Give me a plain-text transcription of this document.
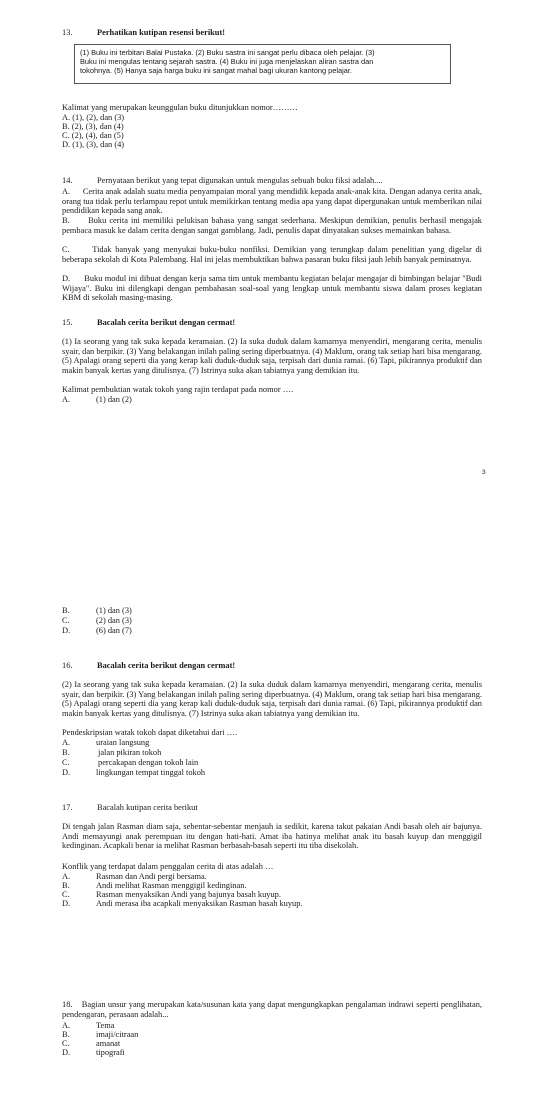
13.	Perhatikan kutipan resensi berikut!
(1) Buku ini terbitan Balai Pustaka. (2) Buku sastra ini sangat perlu dibaca oleh pelajar. (3)
Buku ini mengulas tentang sejarah sastra. (4) Buku ini juga menjelaskan aliran sastra dan
tokohnya. (5) Hanya saja harga buku ini sangat mahal bagi ukuran kantong pelajar.
Kalimat yang merupakan keunggulan buku ditunjukkan nomor………
A. (1), (2), dan (3)
B. (2), (3), dan (4)
C. (2), (4), dan (5)
D. (1), (3), dan (4)
14.	Pernyataan berikut yang tepat digunakan untuk mengulas sebuah buku fiksi adalah....
A. Cerita anak adalah suatu media penyampaian moral yang mendidik kepada anak-anak kita. Dengan adanya cerita anak, orang tua tidak perlu terlampau repot untuk memikirkan tentang media apa yang dapat dipergunakan untuk memberikan nilai pendidikan kepada sang anak.
B. Buku cerita ini memiliki pelukisan bahasa yang sangat sederhana. Meskipun demikian, penulis berhasil mengajak pembaca masuk ke dalam cerita dengan sangat gamblang. Jadi, penulis dapat dinyatakan sukses memainkan bahasa.
C.	Tidak banyak yang menyukai buku-buku nonfiksi. Demikian yang terungkap dalam penelitian yang digelar di beberapa sekolah di Kota Palembang. Hal ini jelas membuktikan bahwa pasaran buku fiksi jauh lebih banyak peminatnya.
D. Buku modul ini dibuat dengan kerja sama tim untuk membantu kegiatan belajar mengajar di bimbingan belajar "Budi Wijaya". Buku ini dilengkapi dengan pembahasan soal-soal yang lengkap untuk membantu siswa dalam proses kegiatan KBM di sekolah masing-masing.
15.	Bacalah cerita berikut dengan cermat!
(1) Ia seorang yang tak suka kepada keramaian. (2) Ia suka duduk dalam kamarnya menyendiri, mengarang cerita, menulis syair, dan berpikir. (3) Yang belakangan inilah paling sering diperbuatnya. (4) Maklum, orang tak setiap hari bisa mengarang. (5) Apalagi orang seperti dia yang kerap kali duduk-duduk saja, terpisah dari dunia ramai. (6) Tapi, pikirannya produktif dan makin banyak kertas yang ditulisnya. (7) Istrinya suka akan tabiatnya yang demikian itu.
Kalimat pembuktian watak tokoh yang rajin terdapat pada nomor ….
A.	(1) dan (2)
3
B.	(1) dan (3)
C.	(2) dan (3)
D.	(6) dan (7)
16.	Bacalah cerita berikut dengan cermat!
(2) Ia seorang yang tak suka kepada keramaian. (2) Ia suka duduk dalam kamarnya menyendiri, mengarang cerita, menulis syair, dan berpikir. (3) Yang belakangan inilah paling sering diperbuatnya. (4) Maklum, orang tak setiap hari bisa mengarang. (5) Apalagi orang seperti dia yang kerap kali duduk-duduk saja, terpisah dari dunia ramai. (6) Tapi, pikirannya produktif dan makin banyak kertas yang ditulisnya. (7) Istrinya suka akan tabiatnya yang demikian itu.
Pendeskripsian watak tokoh dapat diketahui dari ….
A.	uraian langsung
B.	jalan pikiran tokoh
C.	percakapan dengan tokoh lain
D.	lingkungan tempat tinggal tokoh
17.	Bacalah kutipan cerita berikut
Di tengah jalan Rasman diam saja, sebentar-sebentar menjauh ia sedikit, karena takut pakaian Andi basah oleh air bajunya. Andi memayungi anak perempuan itu dengan hati-hati. Amat iba hatinya melihat anak itu basah kuyup dan menggigil kedinginan. Acapkali benar ia melihat Rasman berbasah-basah seperti itu tiba disekolah.
Konflik yang terdapat dalam penggalan cerita di atas adalah …
A.	Rasman dan Andi pergi bersama.
B.	Andi melihat Rasman menggigil kedinginan.
C.	Rasman menyaksikan Andi yang bajunya basah kuyup.
D.	Andi merasa iba acapkali menyaksikan Rasman basah kuyup.
18. Bagian unsur yang merupakan kata/susunan kata yang dapat mengungkapkan pengalaman indrawi seperti penglihatan, pendengaran, perasaan adalah...
A.	Tema
B.	imaji/citraan
C.	amanat
D.	tipografi
